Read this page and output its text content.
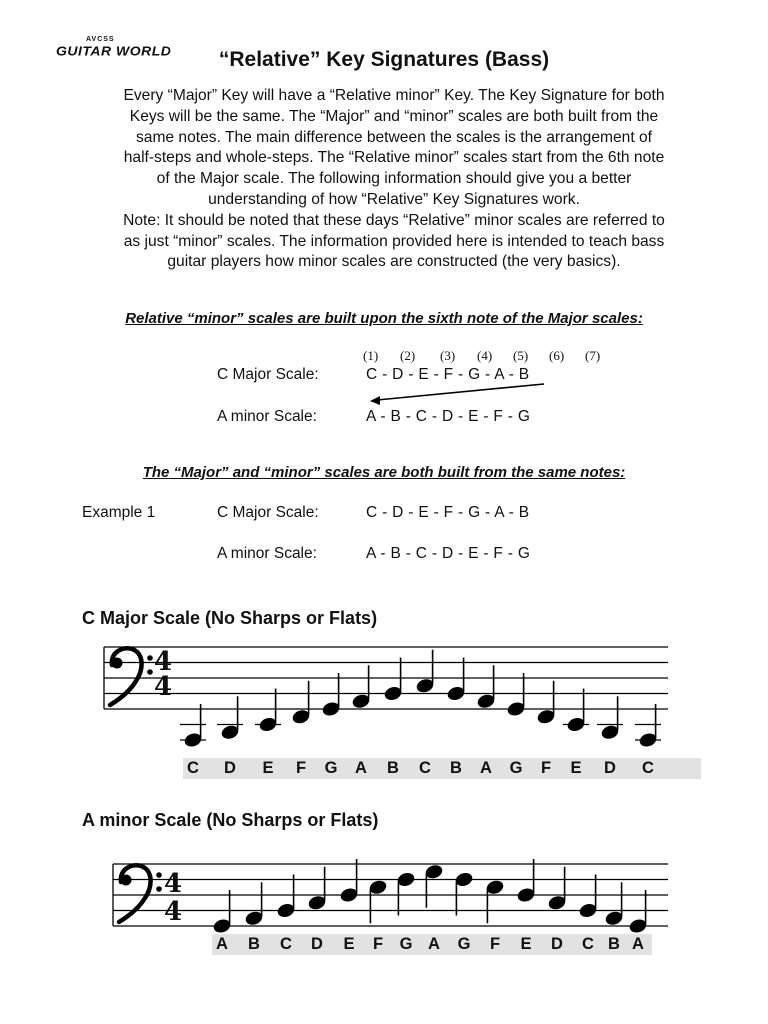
AVCSS
GUITAR WORLD	“Relative” Key Signatures (Bass)
Every “Major” Key will have a “Relative minor” Key. The Key Signature for both
Keys will be the same. The “Major” and “minor” scales are both built from the
same notes. The main difference between the scales is the arrangement of
half-steps and whole-steps. The “Relative minor” scales start from the 6th note
of the Major scale. The following information should give you a better
understanding of how “Relative” Key Signatures work.
Note: It should be noted that these days “Relative” minor scales are referred to
as just “minor” scales. The information provided here is intended to teach bass
guitar players how minor scales are constructed (the very basics).
Relative “minor” scales are built upon the sixth note of the Major scales:
(1) (2) (3) (4) (5) (6) (7)
C Major Scale:	C - D - E - F - G - A - B
A minor Scale:	A - B - C - D - E - F - G
The “Major” and “minor” scales are both built from the same notes:
Example 1	C Major Scale:	C - D - E - F - G - A - B
A minor Scale:	A - B - C - D - E - F - G
C Major Scale (No Sharps or Flats)
A minor Scale (No Sharps or Flats)
4
4
4
4
C D E F G A B C B A G F E D C
A B C D E F G A G F E D C B A
